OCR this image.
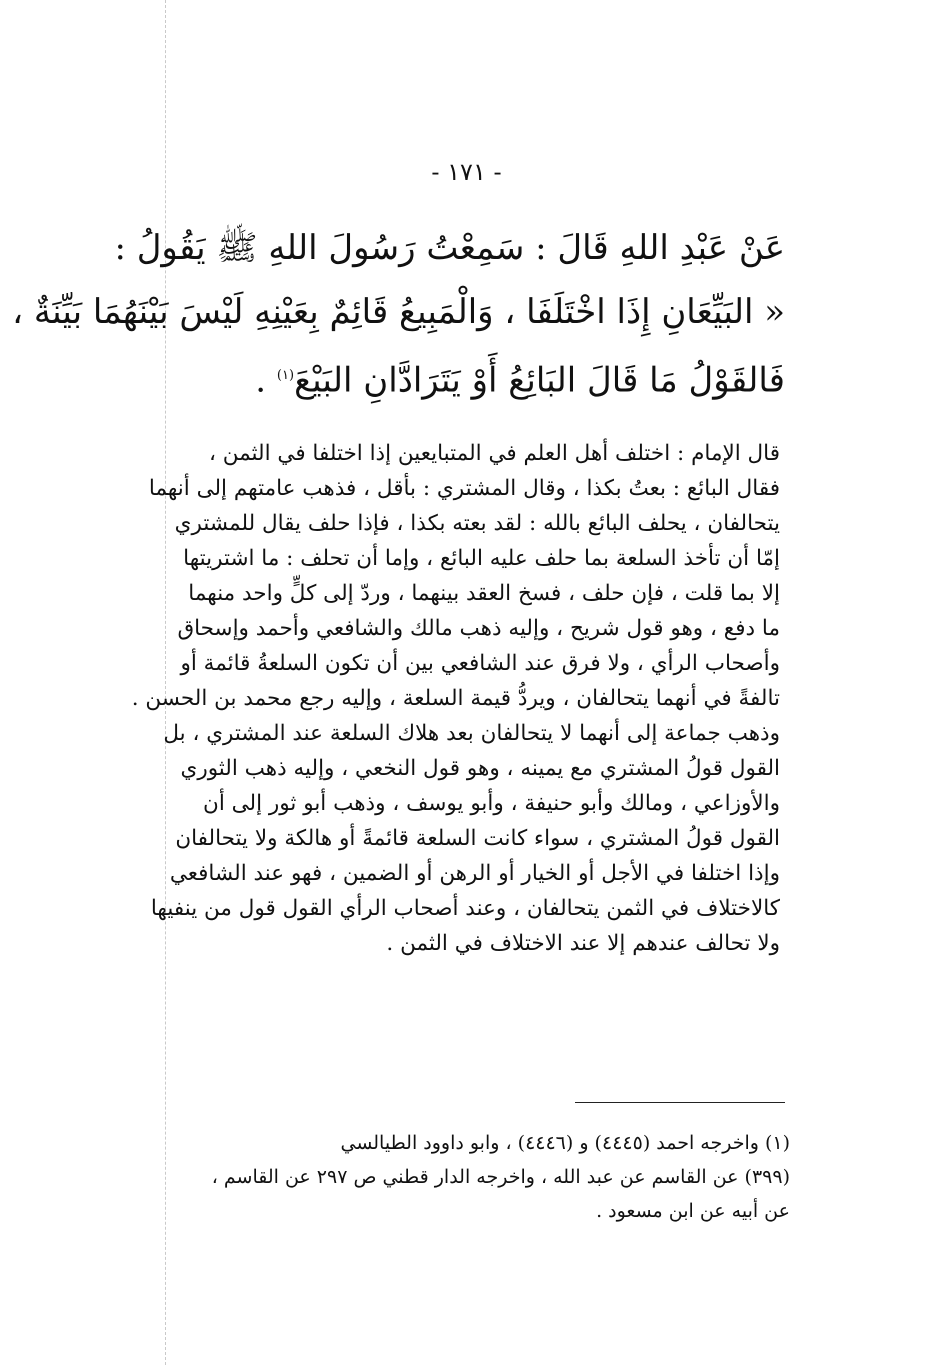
- ١٧١ -
عَنْ عَبْدِ اللهِ قَالَ : سَمِعْتُ رَسُولَ اللهِ ﷺ يَقُولُ :
« البَيِّعَانِ إِذَا اخْتَلَفَا ، وَالْمَبِيعُ قَائِمٌ بِعَيْنِهِ لَيْسَ بَيْنَهُمَا بَيِّنَةٌ ،
فَالقَوْلُ مَا قَالَ البَائِعُ أَوْ يَتَرَادَّانِ البَيْعَ$^{(١)}$ .
قال الإمام : اختلف أهل العلم في المتبايعين إذا اختلفا في الثمن ،
فقال البائع : بعتُ بكذا ، وقال المشتري : بأقل ، فذهب عامتهم إلى أنهما
يتحالفان ، يحلف البائع بالله : لقد بعته بكذا ، فإذا حلف يقال للمشتري
إمّا أن تأخذ السلعة بما حلف عليه البائع ، وإما أن تحلف : ما اشتريتها
إلا بما قلت ، فإن حلف ، فسخ العقد بينهما ، وردّ إلى كلٍّ واحد منهما
ما دفع ، وهو قول شريح ، وإليه ذهب مالك والشافعي وأحمد وإسحاق
وأصحاب الرأي ، ولا فرق عند الشافعي بين أن تكون السلعةُ قائمة أو
تالفةً في أنهما يتحالفان ، ويردُّ قيمة السلعة ، وإليه رجع محمد بن الحسن .
وذهب جماعة إلى أنهما لا يتحالفان بعد هلاك السلعة عند المشتري ، بل
القول قولُ المشتري مع يمينه ، وهو قول النخعي ، وإليه ذهب الثوري
والأوزاعي ، ومالك وأبو حنيفة ، وأبو يوسف ، وذهب أبو ثور إلى أن
القول قولُ المشتري ، سواء كانت السلعة قائمةً أو هالكة ولا يتحالفان
وإذا اختلفا في الأجل أو الخيار أو الرهن أو الضمين ، فهو عند الشافعي
كالاختلاف في الثمن يتحالفان ، وعند أصحاب الرأي القول قول من ينفيها
ولا تحالف عندهم إلا عند الاختلاف في الثمن .
(١) واخرجه احمد (٤٤٤٥) و (٤٤٤٦) ، وابو داوود الطيالسي
(٣٩٩) عن القاسم عن عبد الله ، واخرجه الدار قطني ص ٢٩٧ عن القاسم ،
عن أبيه عن ابن مسعود .
